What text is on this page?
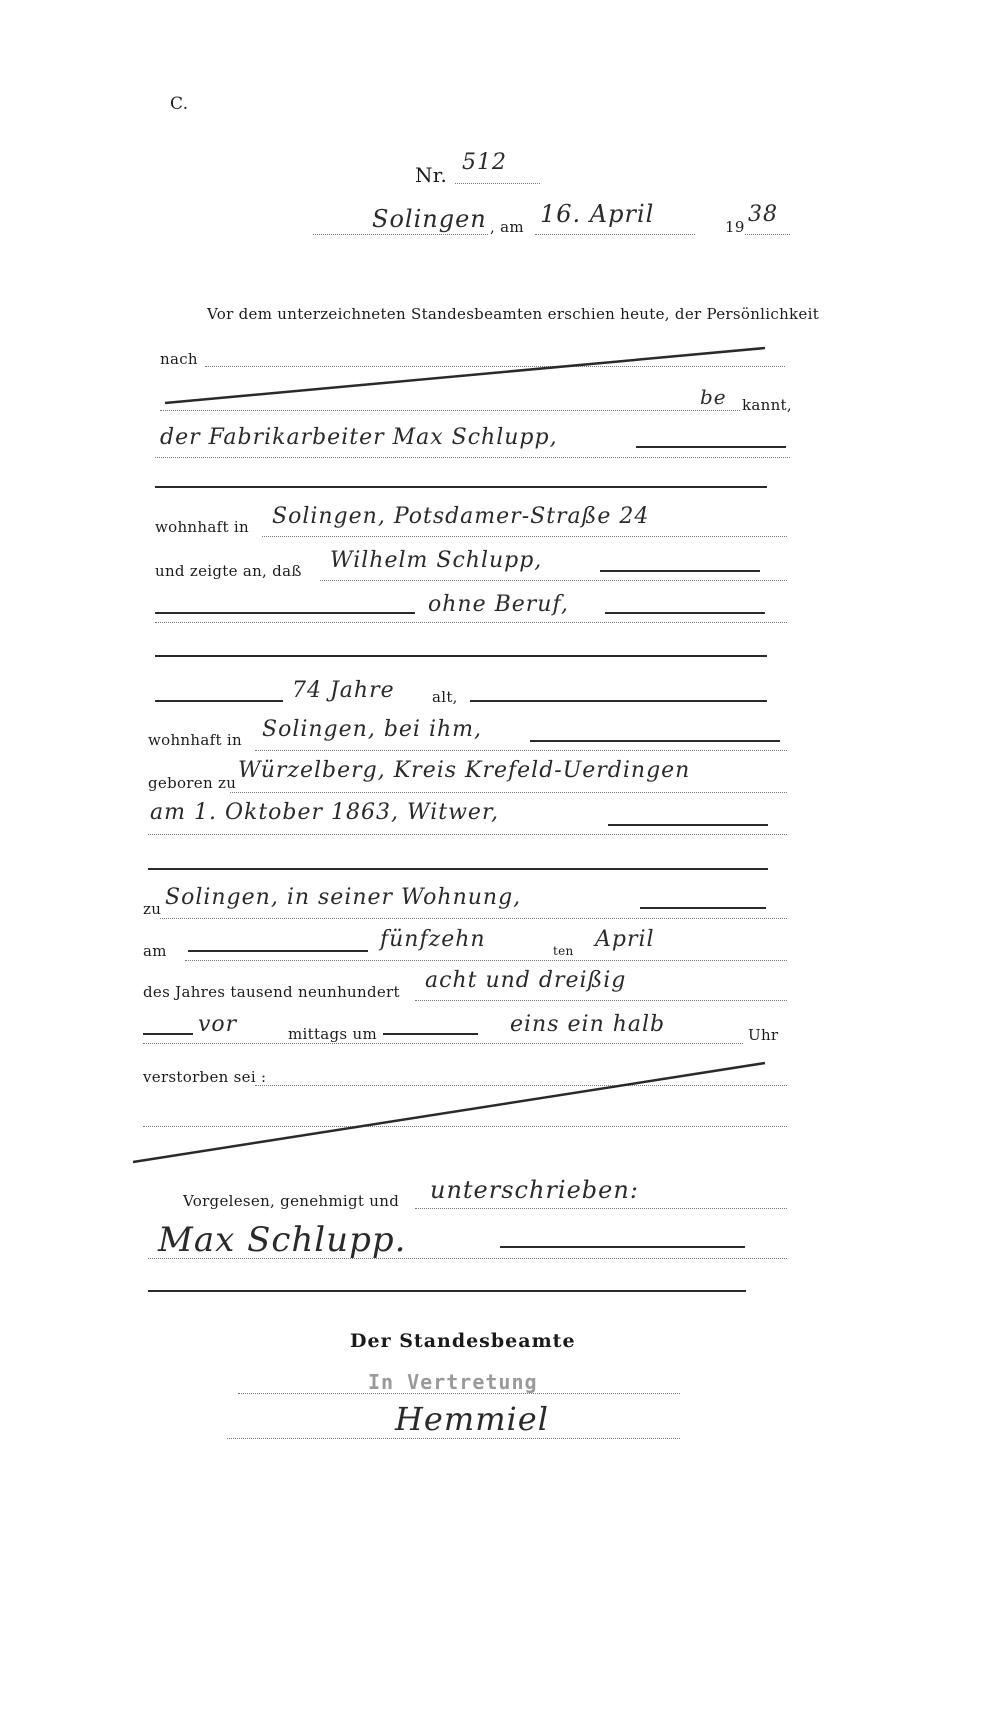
C.
Nr. 512
Solingen , am 16. April	19 38
Vor dem unterzeichneten Standesbeamten erschien heute, der Persönlichkeit
nach
be kannt,
der Fabrikarbeiter Max Schlupp,
wohnhaft in Solingen, Potsdamer-Straße 24
und zeigte an, daß Wilhelm Schlupp,
ohne Beruf,
74 Jahre alt,
wohnhaft in Solingen, bei ihm,
geboren zu Würzelberg, Kreis Krefeld-Uerdingen
am 1. Oktober 1863, Witwer,
zu Solingen, in seiner Wohnung,
am	fünfzehn	ten April
des Jahres tausend neunhundert acht und dreißig
vor	mittags um	eins ein halb	Uhr
verstorben sei :
Vorgelesen, genehmigt und unterschrieben:
Max Schlupp.
Der Standesbeamte
In Vertretung
Hemmiel
